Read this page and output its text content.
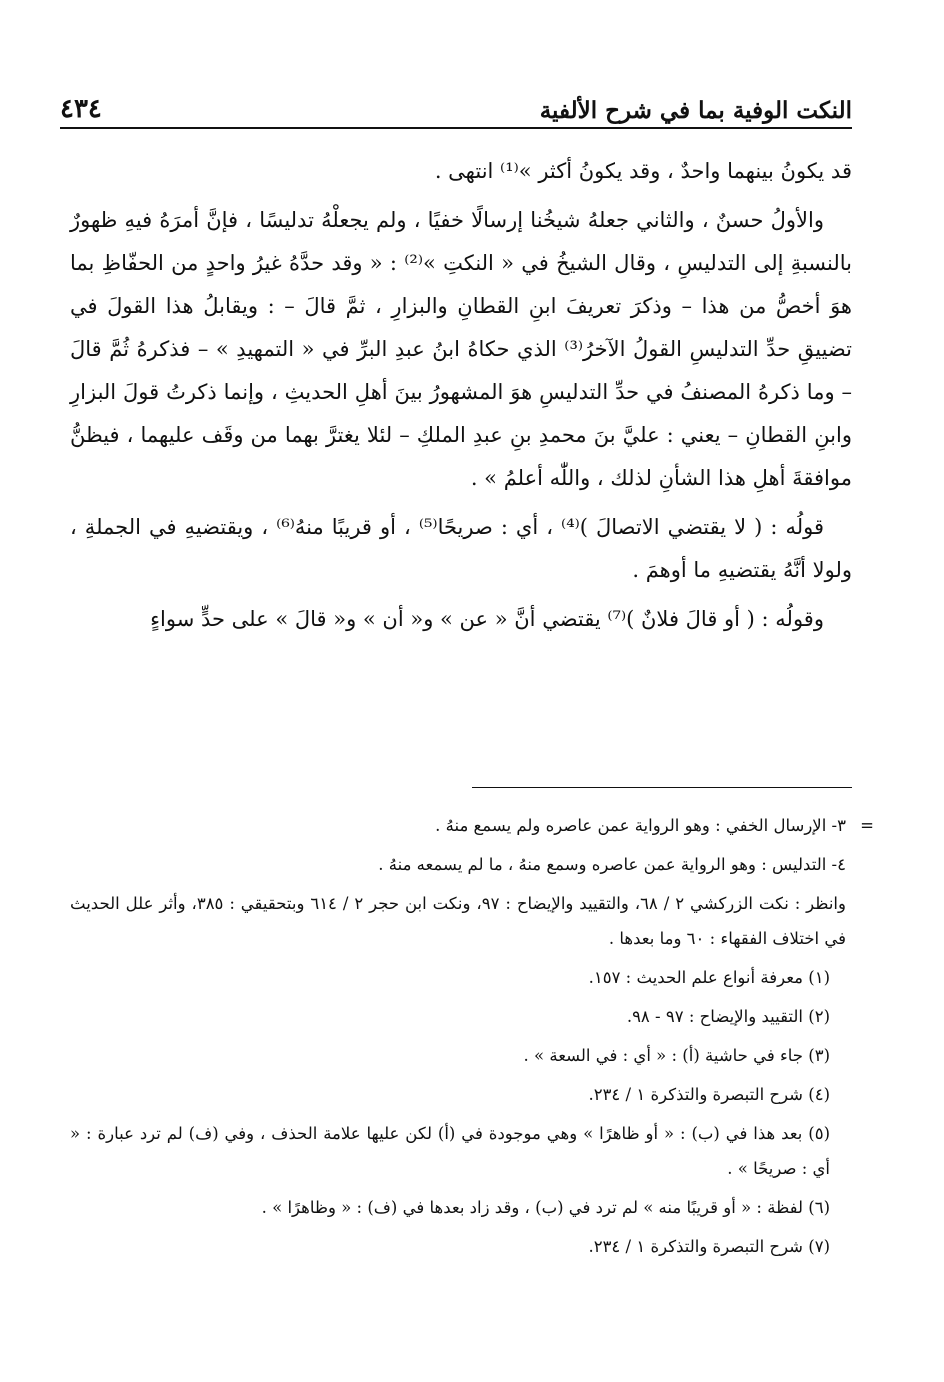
النكت الوفية بما في شرح الألفية
٤٣٤

قد يكونُ بينهما واحدٌ ، وقد يكونُ أكثر »⁽¹⁾ انتهى .

والأولُ حسنٌ ، والثاني جعلهُ شيخُنا إرسالًا خفيًا ، ولم يجعلْهُ تدليسًا ، فإنَّ أمرَهُ فيهِ ظهورٌ بالنسبةِ إلى التدليسِ ، وقال الشيخُ في « النكتِ »⁽²⁾ : « وقد حدَّهُ غيرُ واحدٍ من الحفّاظِ بما هوَ أخصُّ من هذا – وذكرَ تعريفَ ابنِ القطانِ والبزارِ ، ثمَّ قالَ – : ويقابلُ هذا القولَ في تضييقِ حدِّ التدليسِ القولُ الآخرُ⁽³⁾ الذي حكاهُ ابنُ عبدِ البرِّ في « التمهيدِ » – فذكرهُ ثُمَّ قالَ – وما ذكرهُ المصنفُ في حدِّ التدليسِ هوَ المشهورُ بينَ أهلِ الحديثِ ، وإنما ذكرتُ قولَ البزارِ وابنِ القطانِ – يعني : عليَّ بنَ محمدِ بنِ عبدِ الملكِ – لئلا يغترَّ بهما من وقَف عليهما ، فيظنُّ موافقةَ أهلِ هذا الشأنِ لذلك ، واللّٰه أعلمُ » .

قولُه : ( لا يقتضي الاتصالَ )⁽⁴⁾ ، أي : صريحًا⁽⁵⁾ ، أو قريبًا منهُ⁽⁶⁾ ، ويقتضيهِ في الجملةِ ، ولولا أنَّهُ يقتضيهِ ما أوهمَ .

وقولُه : ( أو قالَ فلانٌ )⁽⁷⁾ يقتضي أنَّ « عن » و« أن » و« قالَ » على حدٍّ سواءٍ

=

٣- الإرسال الخفي : وهو الرواية عمن عاصره ولم يسمع منهُ .

٤- التدليس : وهو الرواية عمن عاصره وسمع منهُ ، ما لم يسمعه منهُ .

وانظر : نكت الزركشي ٢ / ٦٨، والتقييد والإيضاح : ٩٧، ونكت ابن حجر ٢ / ٦١٤ وبتحقيقي : ٣٨٥، وأثر علل الحديث في اختلاف الفقهاء : ٦٠ وما بعدها .

(١) معرفة أنواع علم الحديث : ١٥٧.

(٢) التقييد والإيضاح : ٩٧ - ٩٨.

(٣) جاء في حاشية (أ) : « أي : في السعة » .

(٤) شرح التبصرة والتذكرة ١ / ٢٣٤.

(٥) بعد هذا في (ب) : « أو ظاهرًا » وهي موجودة في (أ) لكن عليها علامة الحذف ، وفي (ف) لم ترد عبارة : « أي : صريحًا » .

(٦) لفظة : « أو قريبًا منه » لم ترد في (ب) ، وقد زاد بعدها في (ف) : « وظاهرًا » .

(٧) شرح التبصرة والتذكرة ١ / ٢٣٤.
